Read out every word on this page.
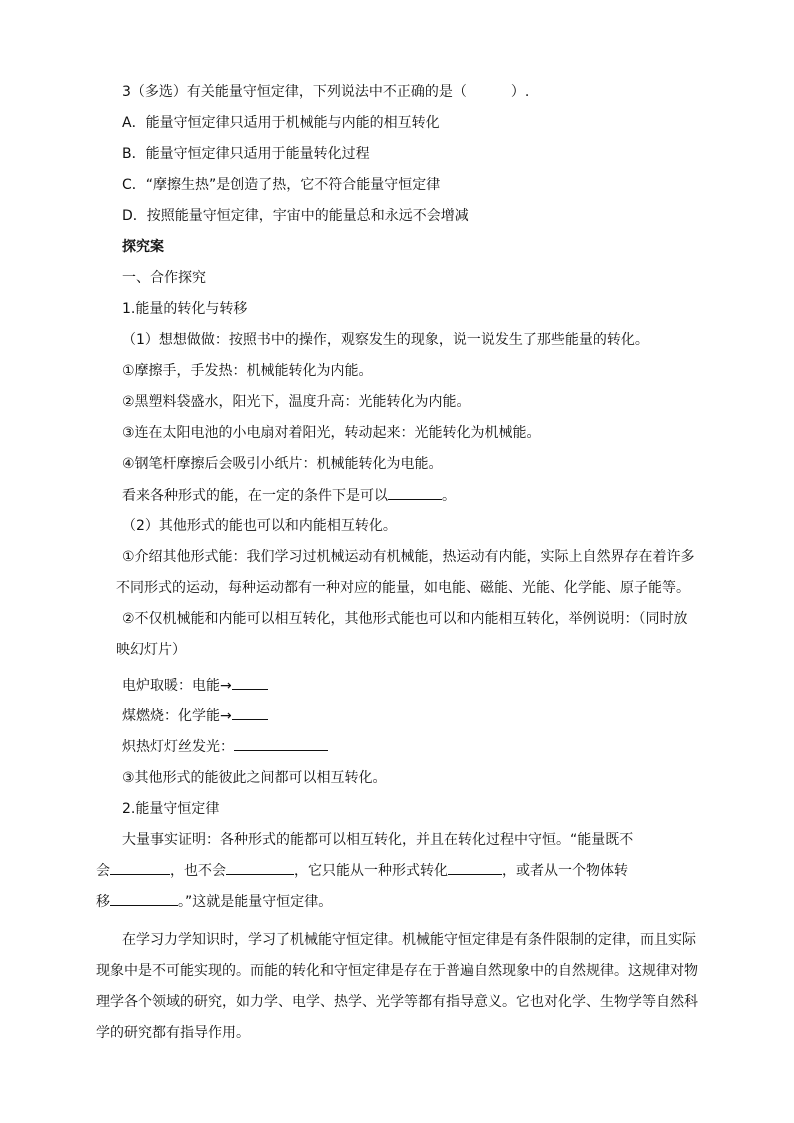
3（多选）有关能量守恒定律，下列说法中不正确的是（	）.
A．能量守恒定律只适用于机械能与内能的相互转化
B．能量守恒定律只适用于能量转化过程
C．“摩擦生热”是创造了热，它不符合能量守恒定律
D．按照能量守恒定律，宇宙中的能量总和永远不会增减
探究案
一、合作探究
1.能量的转化与转移
（1）想想做做：按照书中的操作，观察发生的现象，说一说发生了那些能量的转化。
①摩擦手，手发热：机械能转化为内能。
②黑塑料袋盛水，阳光下，温度升高：光能转化为内能。
③连在太阳电池的小电扇对着阳光，转动起来：光能转化为机械能。
④钢笔杆摩擦后会吸引小纸片：机械能转化为电能。
看来各种形式的能，在一定的条件下是可以	。
（2）其他形式的能也可以和内能相互转化。
①介绍其他形式能：我们学习过机械运动有机械能，热运动有内能，实际上自然界存在着许多
不同形式的运动，每种运动都有一种对应的能量，如电能、磁能、光能、化学能、原子能等。
②不仅机械能和内能可以相互转化，其他形式能也可以和内能相互转化，举例说明：（同时放
映幻灯片）
电炉取暖：电能→
煤燃烧：化学能→
炽热灯灯丝发光：
③其他形式的能彼此之间都可以相互转化。
2.能量守恒定律
大量事实证明：各种形式的能都可以相互转化，并且在转化过程中守恒。“能量既不
会	，也不会	，它只能从一种形式转化	，或者从一个物体转
移	。”这就是能量守恒定律。
在学习力学知识时，学习了机械能守恒定律。机械能守恒定律是有条件限制的定律，而且实际
现象中是不可能实现的。而能的转化和守恒定律是存在于普遍自然现象中的自然规律。这规律对物
理学各个领域的研究，如力学、电学、热学、光学等都有指导意义。它也对化学、生物学等自然科
学的研究都有指导作用。
